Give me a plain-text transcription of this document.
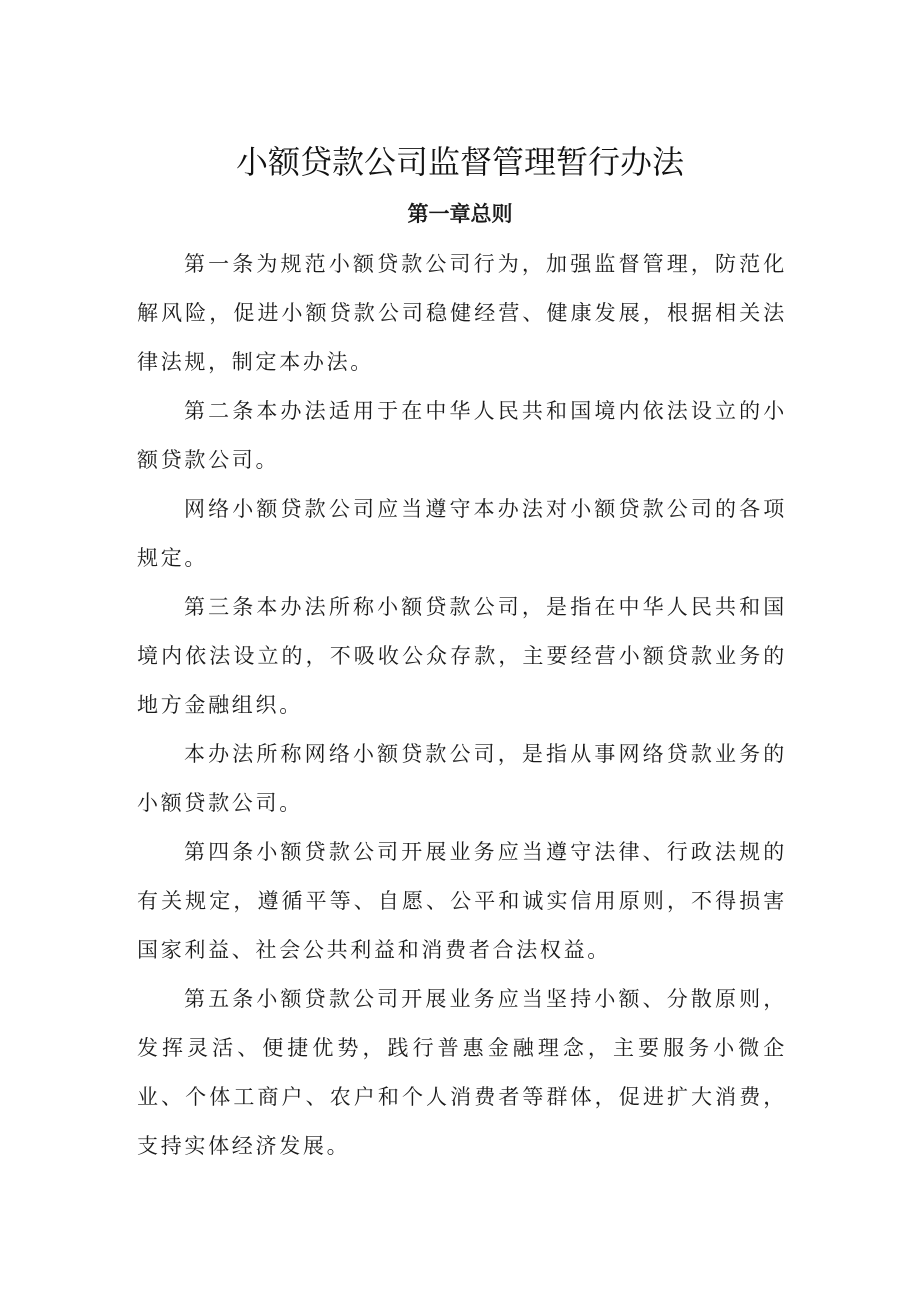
小额贷款公司监督管理暂行办法
第一章总则

第一条为规范小额贷款公司行为，加强监督管理，防范化解风险，促进小额贷款公司稳健经营、健康发展，根据相关法律法规，制定本办法。

第二条本办法适用于在中华人民共和国境内依法设立的小额贷款公司。

网络小额贷款公司应当遵守本办法对小额贷款公司的各项规定。

第三条本办法所称小额贷款公司，是指在中华人民共和国境内依法设立的，不吸收公众存款，主要经营小额贷款业务的地方金融组织。

本办法所称网络小额贷款公司，是指从事网络贷款业务的小额贷款公司。

第四条小额贷款公司开展业务应当遵守法律、行政法规的有关规定，遵循平等、自愿、公平和诚实信用原则，不得损害国家利益、社会公共利益和消费者合法权益。

第五条小额贷款公司开展业务应当坚持小额、分散原则，发挥灵活、便捷优势，践行普惠金融理念，主要服务小微企业、个体工商户、农户和个人消费者等群体，促进扩大消费，支持实体经济发展。
